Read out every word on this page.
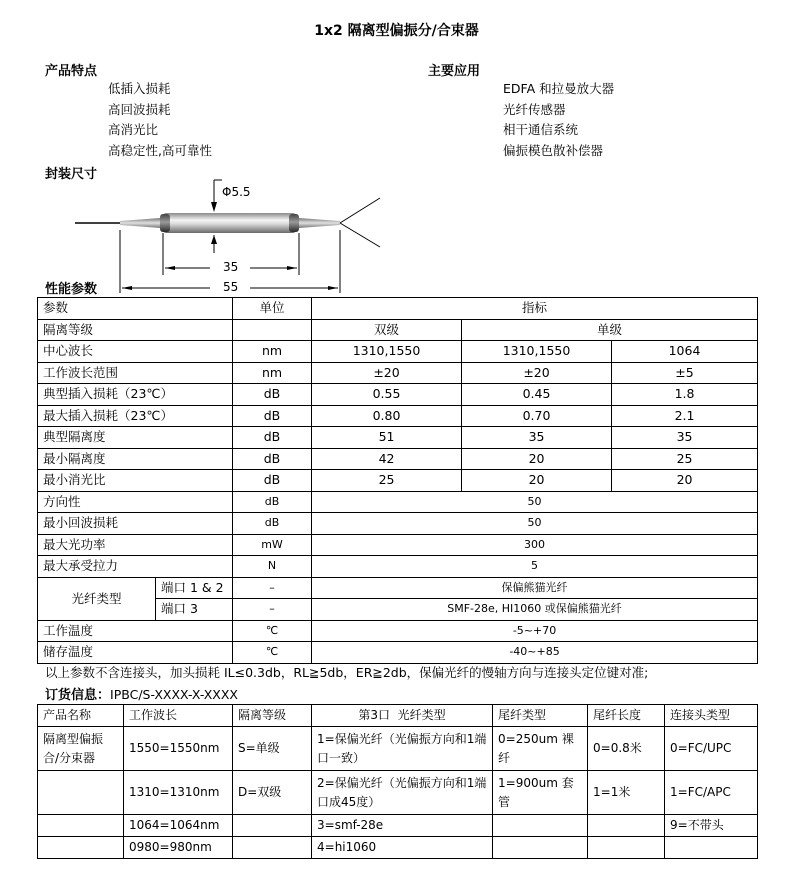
1x2 隔离型偏振分/合束器
产品特点
低插入损耗
高回波损耗
高消光比
高稳定性,高可靠性
主要应用
EDFA 和拉曼放大器
光纤传感器
相干通信系统
偏振模色散补偿器
封装尺寸
Φ5.5
35
55
性能参数
参数		单位	指标		
隔离等级			双级	单级	
中心波长		nm	1310,1550	1310,1550	1064
工作波长范围		nm	±20	±20	±5
典型插入损耗（23℃）		dB	0.55	0.45	1.8
最大插入损耗（23℃）		dB	0.80	0.70	2.1
典型隔离度		dB	51	35	35
最小隔离度		dB	42	20	25
最小消光比		dB	25	20	20
方向性		dB	50		
最小回波损耗		dB	50		
最大光功率		mW	300		
最大承受拉力		N	5		
光纤类型	端口 1 & 2	–	保偏熊猫光纤		
	端口 3	–	SMF-28e, HI1060 或保偏熊猫光纤		
工作温度		℃	-5~+70		
储存温度		℃	-40~+85		
以上参数不含连接头，加头损耗 IL≤0.3db，RL≧5db，ER≧2db，保偏光纤的慢轴方向与连接头定位键对准;
订货信息：IPBC/S-XXXX-X-XXXX
产品名称	工作波长	隔离等级	第3口  光纤类型	尾纤类型	尾纤长度	连接头类型
隔离型偏振合/分束器	1550=1550nm	S=单级	1=保偏光纤（光偏振方向和1端口一致）	0=250um 裸纤	0=0.8米	0=FC/UPC
	1310=1310nm	D=双级	2=保偏光纤（光偏振方向和1端口成45度）	1=900um 套管	1=1米	1=FC/APC
	1064=1064nm		3=smf-28e			9=不带头
	0980=980nm		4=hi1060			
